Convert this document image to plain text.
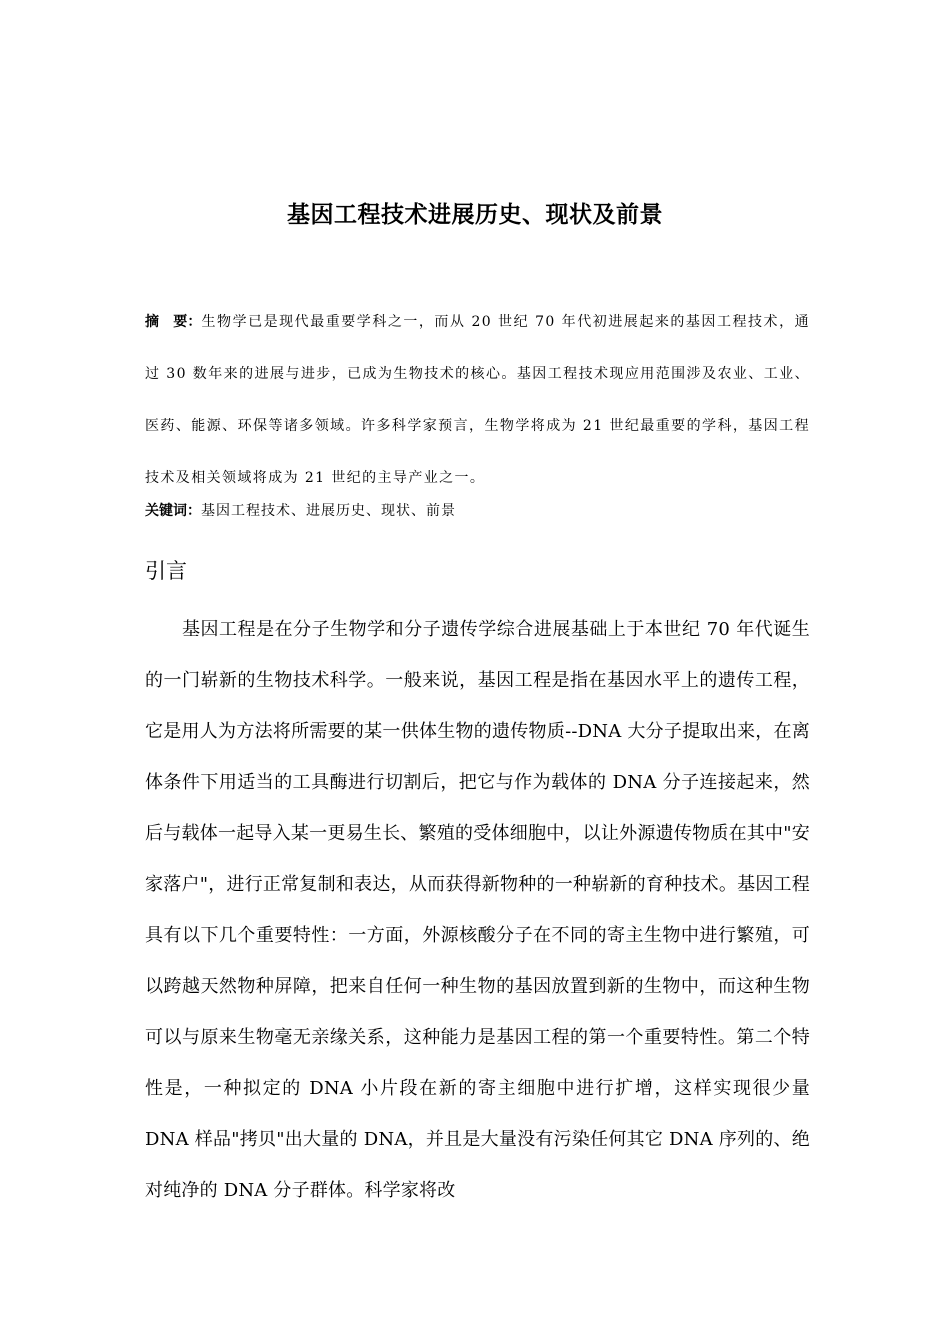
基因工程技术进展历史、现状及前景
摘　要：生物学已是现代最重要学科之一，而从 20 世纪 70 年代初进展起来的基因工程技术，通过 30 数年来的进展与进步，已成为生物技术的核心。基因工程技术现应用范围涉及农业、工业、医药、能源、环保等诸多领域。许多科学家预言，生物学将成为 21 世纪最重要的学科，基因工程技术及相关领域将成为 21 世纪的主导产业之一。
关键词：基因工程技术、进展历史、现状、前景
引言

基因工程是在分子生物学和分子遗传学综合进展基础上于本世纪 70 年代诞生的一门崭新的生物技术科学。一般来说，基因工程是指在基因水平上的遗传工程，它是用人为方法将所需要的某一供体生物的遗传物质--DNA 大分子提取出来，在离体条件下用适当的工具酶进行切割后，把它与作为载体的 DNA 分子连接起来，然后与载体一起导入某一更易生长、繁殖的受体细胞中，以让外源遗传物质在其中"安家落户"，进行正常复制和表达，从而获得新物种的一种崭新的育种技术。基因工程具有以下几个重要特性：一方面，外源核酸分子在不同的寄主生物中进行繁殖，可以跨越天然物种屏障，把来自任何一种生物的基因放置到新的生物中，而这种生物可以与原来生物毫无亲缘关系，这种能力是基因工程的第一个重要特性。第二个特性是，一种拟定的 DNA 小片段在新的寄主细胞中进行扩增，这样实现很少量 DNA 样品"拷贝"出大量的 DNA，并且是大量没有污染任何其它 DNA 序列的、绝对纯净的 DNA 分子群体。科学家将改
